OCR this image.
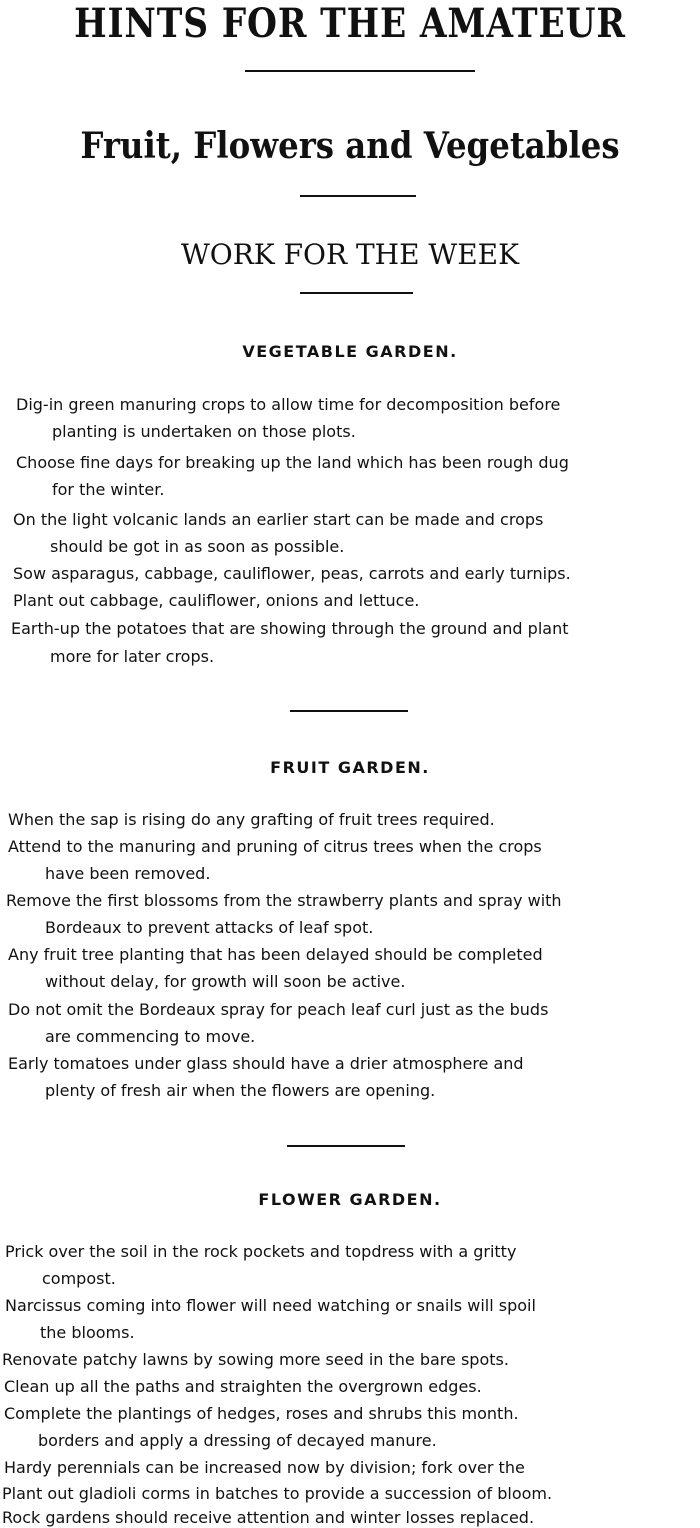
HINTS FOR THE AMATEUR
Fruit, Flowers and Vegetables
WORK FOR THE WEEK
VEGETABLE GARDEN.
Dig-in green manuring crops to allow time for decomposition before
planting is undertaken on those plots.
Choose fine days for breaking up the land which has been rough dug
for the winter.
On the light volcanic lands an earlier start can be made and crops
should be got in as soon as possible.
Sow asparagus, cabbage, cauliflower, peas, carrots and early turnips.
Plant out cabbage, cauliflower, onions and lettuce.
Earth-up the potatoes that are showing through the ground and plant
more for later crops.
FRUIT GARDEN.
When the sap is rising do any grafting of fruit trees required.
Attend to the manuring and pruning of citrus trees when the crops
have been removed.
Remove the first blossoms from the strawberry plants and spray with
Bordeaux to prevent attacks of leaf spot.
Any fruit tree planting that has been delayed should be completed
without delay, for growth will soon be active.
Do not omit the Bordeaux spray for peach leaf curl just as the buds
are commencing to move.
Early tomatoes under glass should have a drier atmosphere and
plenty of fresh air when the flowers are opening.
FLOWER GARDEN.
Prick over the soil in the rock pockets and topdress with a gritty
compost.
Narcissus coming into flower will need watching or snails will spoil
the blooms.
Renovate patchy lawns by sowing more seed in the bare spots.
Clean up all the paths and straighten the overgrown edges.
Complete the plantings of hedges, roses and shrubs this month.
borders and apply a dressing of decayed manure.
Hardy perennials can be increased now by division; fork over the
Plant out gladioli corms in batches to provide a succession of bloom.
Rock gardens should receive attention and winter losses replaced.
